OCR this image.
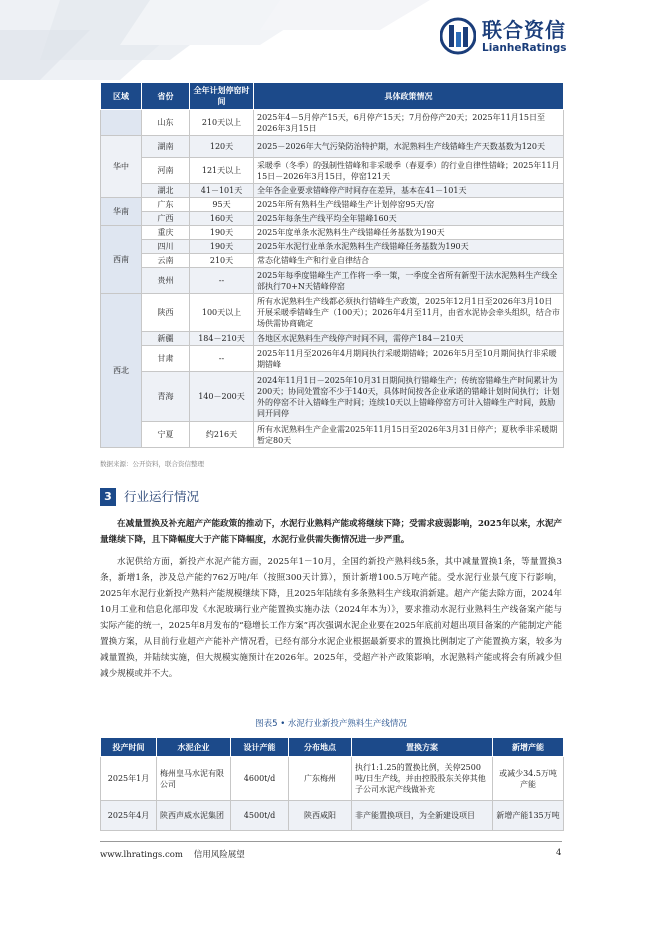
联合资信
LianheRatings
区域	省份	全年计划停窑时间	具体政策情况
	山东	210天以上	2025年4－5月停产15天，6月停产15天；7月份停产20天；2025年11月15日至2026年3月15日
华中	湖南	120天	2025－2026年大气污染防治特护期，水泥熟料生产线错峰生产天数基数为120天
	河南	121天以上	采暖季（冬季）的强制性错峰和非采暖季（春夏季）的行业自律性错峰；2025年11月15日－2026年3月15日，停窑121天
	湖北	41－101天	全年各企业要求错峰停产时间存在差异，基本在41－101天
华南	广东	95天	2025年所有熟料生产线错峰生产计划停窑95天/窑
	广西	160天	2025年每条生产线平均全年错峰160天
西南	重庆	190天	2025年度单条水泥熟料生产线错峰任务基数为190天
	四川	190天	2025年水泥行业单条水泥熟料生产线错峰任务基数为190天
	云南	210天	常态化错峰生产和行业自律结合
	贵州	--	2025年每季度错峰生产工作将一季一策，一季度全省所有新型干法水泥熟料生产线全部执行70+N天错峰停窑
西北	陕西	100天以上	所有水泥熟料生产线都必须执行错峰生产政策，2025年12月1日至2026年3月10日开展采暖季错峰生产（100天）；2026年4月至11月，由省水泥协会牵头组织，结合市场供需协商确定
	新疆	184－210天	各地区水泥熟料生产线停产时间不同，需停产184－210天
	甘肃	--	2025年11月至2026年4月期间执行采暖期错峰；2026年5月至10月期间执行非采暖期错峰
	青海	140－200天	2024年11月1日－2025年10月31日期间执行错峰生产；传统窑错峰生产时间累计为200天；协同处置窑不少于140天，具体时间按各企业承诺的错峰计划时间执行；计划外的停窑不计入错峰生产时间；连续10天以上错峰停窑方可计入错峰生产时间，鼓励同开同停
	宁夏	约216天	所有水泥熟料生产企业需2025年11月15日至2026年3月31日停产；夏秋季非采暖期暂定80天
数据来源：公开资料，联合资信整理
3 行业运行情况
在减量置换及补充超产产能政策的推动下，水泥行业熟料产能或将继续下降；受需求疲弱影响，2025年以来，水泥产量继续下降，且下降幅度大于产能下降幅度，水泥行业供需失衡情况进一步严重。
水泥供给方面，新投产水泥产能方面，2025年1－10月，全国约新投产熟料线5条，其中减量置换1条，等量置换3条，新增1条，涉及总产能约762万吨/年（按照300天计算），预计新增100.5万吨产能。受水泥行业景气度下行影响，2025年水泥行业新投产熟料产能规模继续下降，且2025年陆续有多条熟料生产线取消新建。超产产能去除方面，2024年10月工业和信息化部印发《水泥玻璃行业产能置换实施办法（2024年本为）》，要求推动水泥行业熟料生产线备案产能与实际产能的统一，2025年8月发布的“稳增长工作方案”再次强调水泥企业要在2025年底前对超出项目备案的产能制定产能置换方案，从目前行业超产产能补产情况看，已经有部分水泥企业根据最新要求的置换比例制定了产能置换方案，较多为减量置换，并陆续实施，但大规模实施预计在2026年。2025年，受超产补产政策影响，水泥熟料产能或将会有所减少但减少规模或并不大。
图表5 • 水泥行业新投产熟料生产线情况
投产时间	水泥企业	设计产能	分布地点	置换方案	新增产能
2025年1月	梅州皇马水泥有限公司	4600t/d	广东梅州	执行1:1.25的置换比例，关停2500吨/日生产线，并由控股股东关停其他子公司水泥产线做补充	或减少34.5万吨产能
2025年4月	陕西声威水泥集团	4500t/d	陕西咸阳	非产能置换项目，为全新建设项目	新增产能135万吨
www.lhratings.com 信用风险展望	4
